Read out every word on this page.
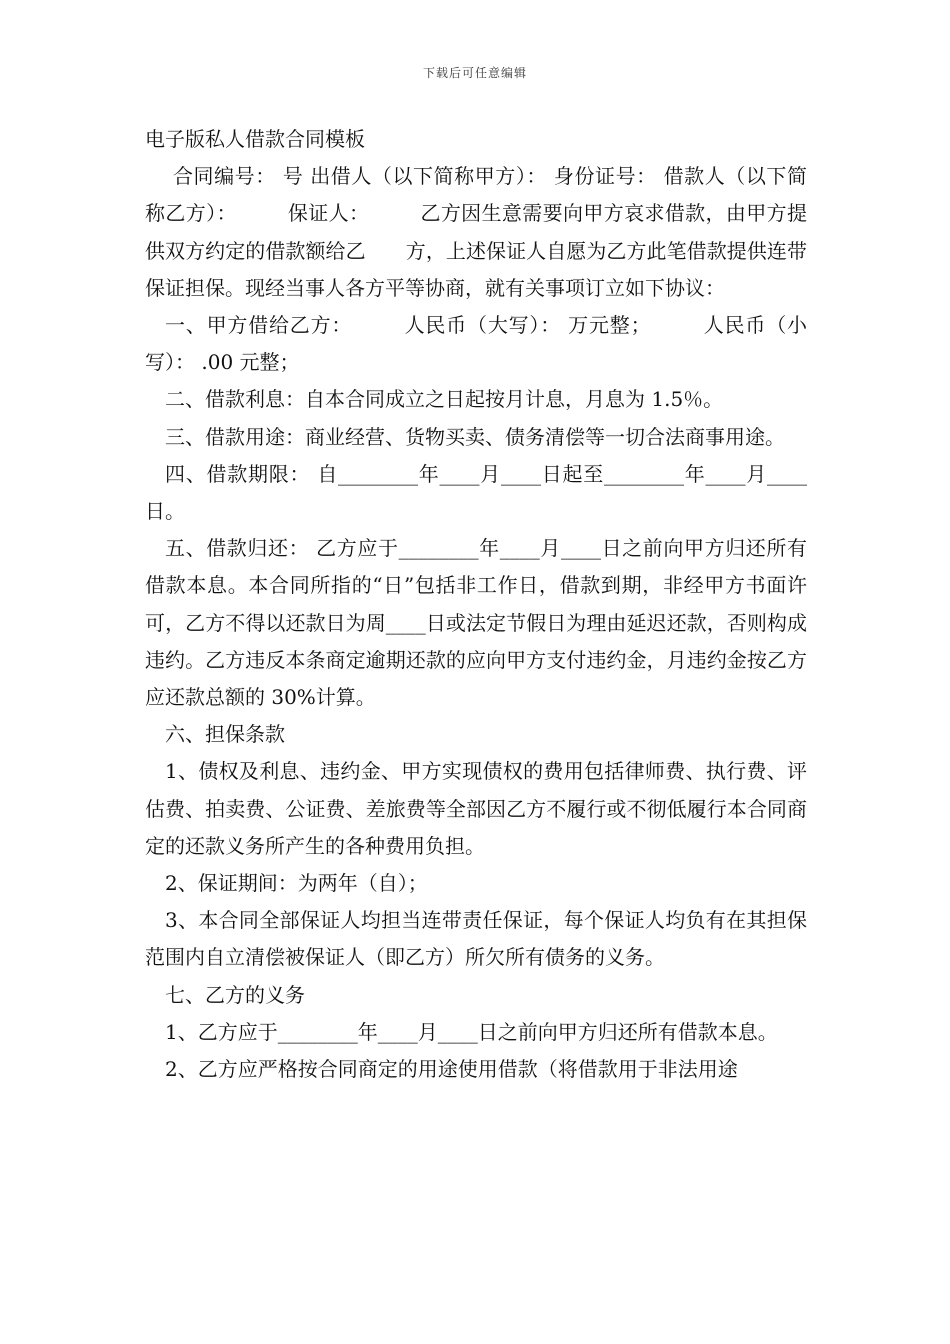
下载后可任意编辑

电子版私人借款合同模板

合同编号： 号 出借人（以下简称甲方）： 身份证号： 借款人（以下简称乙方）：　　　保证人：　　　乙方因生意需要向甲方哀求借款，由甲方提供双方约定的借款额给乙　　方，上述保证人自愿为乙方此笔借款提供连带保证担保。现经当事人各方平等协商，就有关事项订立如下协议：

一、甲方借给乙方：　　　人民币（大写）： 万元整；　　　人民币（小写）： .00 元整；

二、借款利息：自本合同成立之日起按月计息，月息为 1.5％。

三、借款用途：商业经营、货物买卖、债务清偿等一切合法商事用途。

四、借款期限： 自________年____月____日起至________年____月____日。

五、借款归还： 乙方应于________年____月____日之前向甲方归还所有借款本息。本合同所指的“日”包括非工作日，借款到期，非经甲方书面许可，乙方不得以还款日为周____日或法定节假日为理由延迟还款，否则构成违约。乙方违反本条商定逾期还款的应向甲方支付违约金，月违约金按乙方应还款总额的 30%计算。

六、担保条款

1、债权及利息、违约金、甲方实现债权的费用包括律师费、执行费、评估费、拍卖费、公证费、差旅费等全部因乙方不履行或不彻低履行本合同商定的还款义务所产生的各种费用负担。

2、保证期间：为两年（自）；

3、本合同全部保证人均担当连带责任保证，每个保证人均负有在其担保范围内自立清偿被保证人（即乙方）所欠所有债务的义务。

七、乙方的义务

1、乙方应于________年____月____日之前向甲方归还所有借款本息。

2、乙方应严格按合同商定的用途使用借款（将借款用于非法用途
